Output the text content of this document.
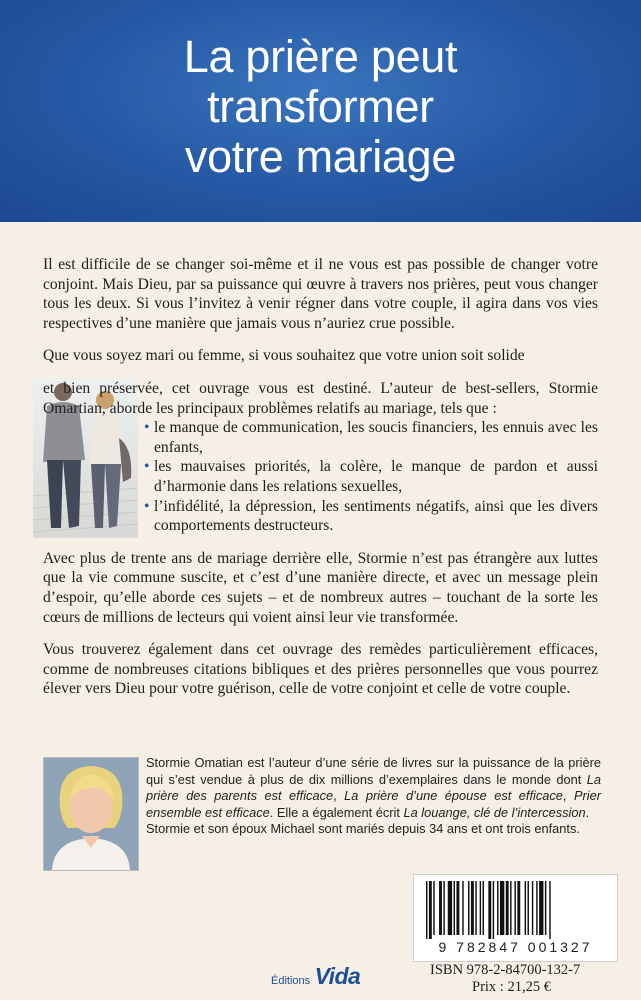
La prière peut
transformer
votre mariage

Il est difficile de se changer soi-même et il ne vous est pas possible de changer votre conjoint. Mais Dieu, par sa puissance qui œuvre à travers nos prières, peut vous changer tous les deux. Si vous l’invitez à venir régner dans votre couple, il agira dans vos vies respectives d’une manière que jamais vous n’auriez crue possible.

Que vous soyez mari ou femme, si vous souhaitez que votre union soit solide

et bien préservée, cet ouvrage vous est destiné. L’auteur de best-sellers, Stormie Omartian, aborde les principaux problèmes relatifs au mariage, tels que :

• le manque de communication, les soucis financiers, les ennuis avec les enfants,
• les mauvaises priorités, la colère, le manque de pardon et aussi d’harmonie dans les relations sexuelles,
• l’infidélité, la dépression, les sentiments négatifs, ainsi que les divers comportements destructeurs.

Avec plus de trente ans de mariage derrière elle, Stormie n’est pas étrangère aux luttes que la vie commune suscite, et c’est d’une manière directe, et avec un message plein d’espoir, qu’elle aborde ces sujets – et de nombreux autres – touchant de la sorte les cœurs de millions de lecteurs qui voient ainsi leur vie transformée.

Vous trouverez également dans cet ouvrage des remèdes particulièrement efficaces, comme de nombreuses citations bibliques et des prières personnelles que vous pourrez élever vers Dieu pour votre guérison, celle de votre conjoint et celle de votre couple.

Stormie Omatian est l’auteur d’une série de livres sur la puissance de la prière qui s’est vendue à plus de dix millions d’exemplaires dans le monde dont La prière des parents est efficace, La prière d’une épouse est efficace, Prier ensemble est efficace. Elle a également écrit La louange, clé de l’intercession.
Stormie et son époux Michael sont mariés depuis 34 ans et ont trois enfants.
9 782847 001327
Éditions Vida	ISBN 978-2-84700-132-7
Prix : 21,25 €
